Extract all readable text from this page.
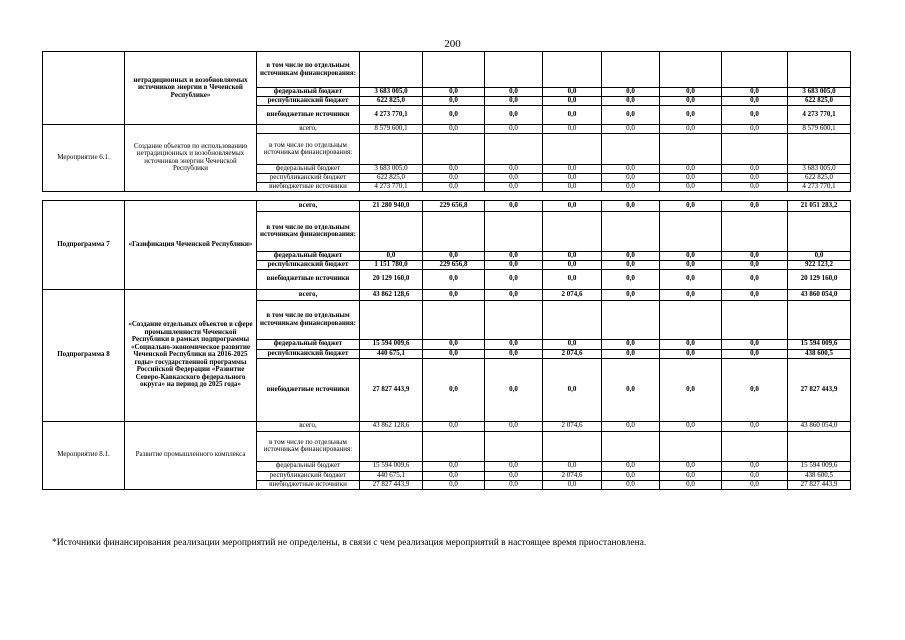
200
	нетрадиционных и возобновляемых источников энергии в Чеченской Республике»	в том числе по отдельным источникам финансирования:								
		федеральный бюджет	3 683 005,0	0,0	0,0	0,0	0,0	0,0	0,0	3 683 005,0
		республиканский бюджет	622 825,0	0,0	0,0	0,0	0,0	0,0	0,0	622 825,0
		внебюджетные источники	4 273 770,1	0,0	0,0	0,0	0,0	0,0	0,0	4 273 770,1
Мероприятие 6.1.	Создание объектов по использованию нетрадиционных и возобновляемых источников энергии Чеченской Республики	всего,	8 579 600,1	0,0	0,0	0,0	0,0	0,0	0,0	8 579 600,1
		в том числе по отдельным источникам финансирования:								
		федеральный бюджет	3 683 005,0	0,0	0,0	0,0	0,0	0,0	0,0	3 683 005,0
		республиканский бюджет	622 825,0	0,0	0,0	0,0	0,0	0,0	0,0	622 825,0
		внебюджетные источники	4 273 770,1	0,0	0,0	0,0	0,0	0,0	0,0	4 273 770,1

Подпрограмма 7	«Газификация Чеченской Республики»	всего,	21 280 940,0	229 656,8	0,0	0,0	0,0	0,0	0,0	21 051 283,2
		в том числе по отдельным источникам финансирования:								
		федеральный бюджет	0,0	0,0	0,0	0,0	0,0	0,0	0,0	0,0
		республиканский бюджет	1 151 780,0	229 656,8	0,0	0,0	0,0	0,0	0,0	922 123,2
		внебюджетные источники	20 129 160,0	0,0	0,0	0,0	0,0	0,0	0,0	20 129 160,0
Подпрограмма 8	«Создание отдельных объектов в сфере промышленности Чеченской Республики в рамках подпрограммы «Социально-экономическое развитие Чеченской Республики на 2016-2025 годы» государственной программы Российской Федерации «Развитие Северо-Кавказского федерального округа» на период до 2025 года»	всего,	43 862 128,6	0,0	0,0	2 074,6	0,0	0,0	0,0	43 860 054,0
		в том числе по отдельным источникам финансирования:								
		федеральный бюджет	15 594 009,6	0,0	0,0	0,0	0,0	0,0	0,0	15 594 009,6
		республиканский бюджет	440 675,1	0,0	0,0	2 074,6	0,0	0,0	0,0	438 600,5
		внебюджетные источники	27 827 443,9	0,0	0,0	0,0	0,0	0,0	0,0	27 827 443,9
Мероприятие 8.1.	Развитие промышленного комплекса	всего,	43 862 128,6	0,0	0,0	2 074,6	0,0	0,0	0,0	43 860 054,0
		в том числе по отдельным источникам финансирования:								
		федеральный бюджет	15 594 009,6	0,0	0,0	0,0	0,0	0,0	0,0	15 594 009,6
		республиканский бюджет	440 675,1	0,0	0,0	2 074,6	0,0	0,0	0,0	438 600,5
		внебюджетные источники	27 827 443,9	0,0	0,0	0,0	0,0	0,0	0,0	27 827 443,9
*Источники финансирования реализации мероприятий не определены, в связи с чем реализация мероприятий в настоящее время приостановлена.
